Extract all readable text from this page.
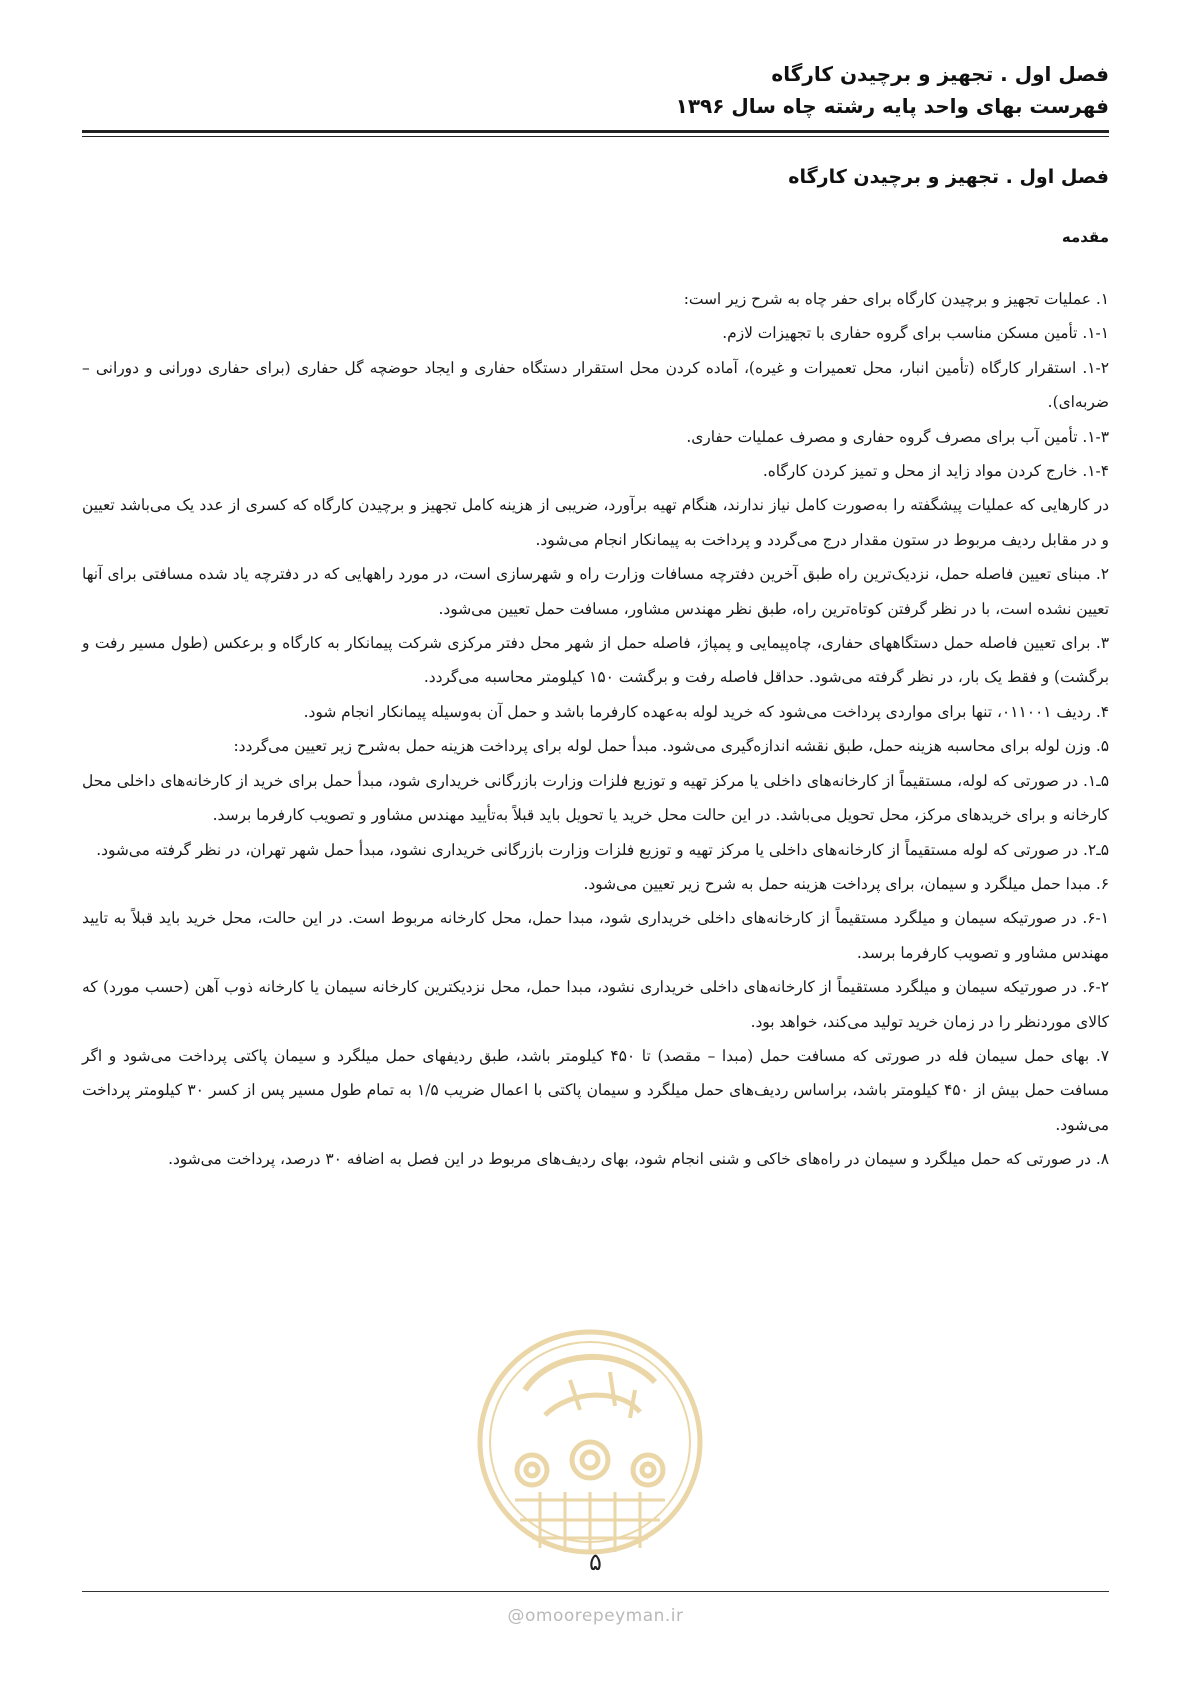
فصل اول . تجهیز و برچیدن کارگاه
فهرست بهای واحد پایه رشته چاه سال ۱۳۹۶
فصل اول . تجهیز و برچیدن کارگاه
مقدمه

۱. عملیات تجهیز و برچیدن کارگاه برای حفر چاه به شرح زیر است:

۱-۱. تأمین مسکن مناسب برای گروه حفاری با تجهیزات لازم.

۱-۲. استقرار کارگاه (تأمین انبار، محل تعمیرات و غیره)، آماده کردن محل استقرار دستگاه حفاری و ایجاد حوضچه گل حفاری (برای حفاری دورانی و دورانی – ضربه‌ای).

۱-۳. تأمین آب برای مصرف گروه حفاری و مصرف عملیات حفاری.

۱-۴. خارج کردن مواد زاید از محل و تمیز کردن کارگاه.

در کارهایی که عملیات پیشگفته را به‌صورت کامل نیاز ندارند، هنگام تهیه برآورد، ضریبی از هزینه کامل تجهیز و برچیدن کارگاه که کسری از عدد یک می‌باشد تعیین و در مقابل ردیف مربوط در ستون مقدار درج می‌گردد و پرداخت به پیمانکار انجام می‌شود.

۲. مبنای تعیین فاصله حمل، نزدیک‌ترین راه طبق آخرین دفترچه مسافات وزارت راه و شهرسازی است، در مورد راههایی که در دفترچه یاد شده مسافتی برای آنها تعیین نشده است، با در نظر گرفتن کوتاه‌ترین راه، طبق نظر مهندس مشاور، مسافت حمل تعیین می‌شود.

۳. برای تعیین فاصله حمل دستگاههای حفاری، چاه‌پیمایی و پمپاژ، فاصله حمل از شهر محل دفتر مرکزی شرکت پیمانکار به کارگاه و برعکس (طول مسیر رفت و برگشت) و فقط یک بار، در نظر گرفته می‌شود. حداقل فاصله رفت و برگشت ۱۵۰ کیلومتر محاسبه می‌گردد.

۴. ردیف ۰۱۱۰۰۱، تنها برای مواردی پرداخت می‌شود که خرید لوله به‌عهده کارفرما باشد و حمل آن به‌وسیله پیمانکار انجام شود.

۵. وزن لوله برای محاسبه هزینه حمل، طبق نقشه اندازه‌گیری می‌شود. مبدأ حمل لوله برای پرداخت هزینه حمل به‌شرح زیر تعیین می‌گردد:

۵ـ۱. در صورتی که لوله، مستقیماً از کارخانه‌های داخلی یا مرکز تهیه و توزیع فلزات وزارت بازرگانی خریداری شود، مبدأ حمل برای خرید از کارخانه‌های داخلی محل کارخانه و برای خریدهای مرکز، محل تحویل می‌باشد. در این حالت محل خرید یا تحویل باید قبلاً به‌تأیید مهندس مشاور و تصویب کارفرما برسد.

۵ـ۲. در صورتی که لوله مستقیماً از کارخانه‌های داخلی یا مرکز تهیه و توزیع فلزات وزارت بازرگانی خریداری نشود، مبدأ حمل شهر تهران، در نظر گرفته می‌شود.

۶. مبدا حمل میلگرد و سیمان، برای پرداخت هزینه حمل به شرح زیر تعیین می‌شود.

۶-۱. در صورتیکه سیمان و میلگرد مستقیماً از کارخانه‌های داخلی خریداری شود، مبدا حمل، محل کارخانه مربوط است. در این حالت، محل خرید باید قبلاً به تایید مهندس مشاور و تصویب کارفرما برسد.

۶-۲. در صورتیکه سیمان و میلگرد مستقیماً از کارخانه‌های داخلی خریداری نشود، مبدا حمل، محل نزدیکترین کارخانه سیمان یا کارخانه ذوب آهن (حسب مورد) که کالای موردنظر را در زمان خرید تولید می‌کند، خواهد بود.

۷. بهای حمل سیمان فله در صورتی که مسافت حمل (مبدا – مقصد) تا ۴۵۰ کیلومتر باشد، طبق ردیفهای حمل میلگرد و سیمان پاکتی پرداخت می‌شود و اگر مسافت حمل بیش از ۴۵۰ کیلومتر باشد، براساس ردیف‌های حمل میلگرد و سیمان پاکتی با اعمال ضریب ۱/۵ به تمام طول مسیر پس از کسر ۳۰ کیلومتر پرداخت می‌شود.

۸. در صورتی که حمل میلگرد و سیمان در راه‌های خاکی و شنی انجام شود، بهای ردیف‌های مربوط در این فصل به اضافه ۳۰ درصد، پرداخت می‌شود.

۵
@omoorepeyman.ir
